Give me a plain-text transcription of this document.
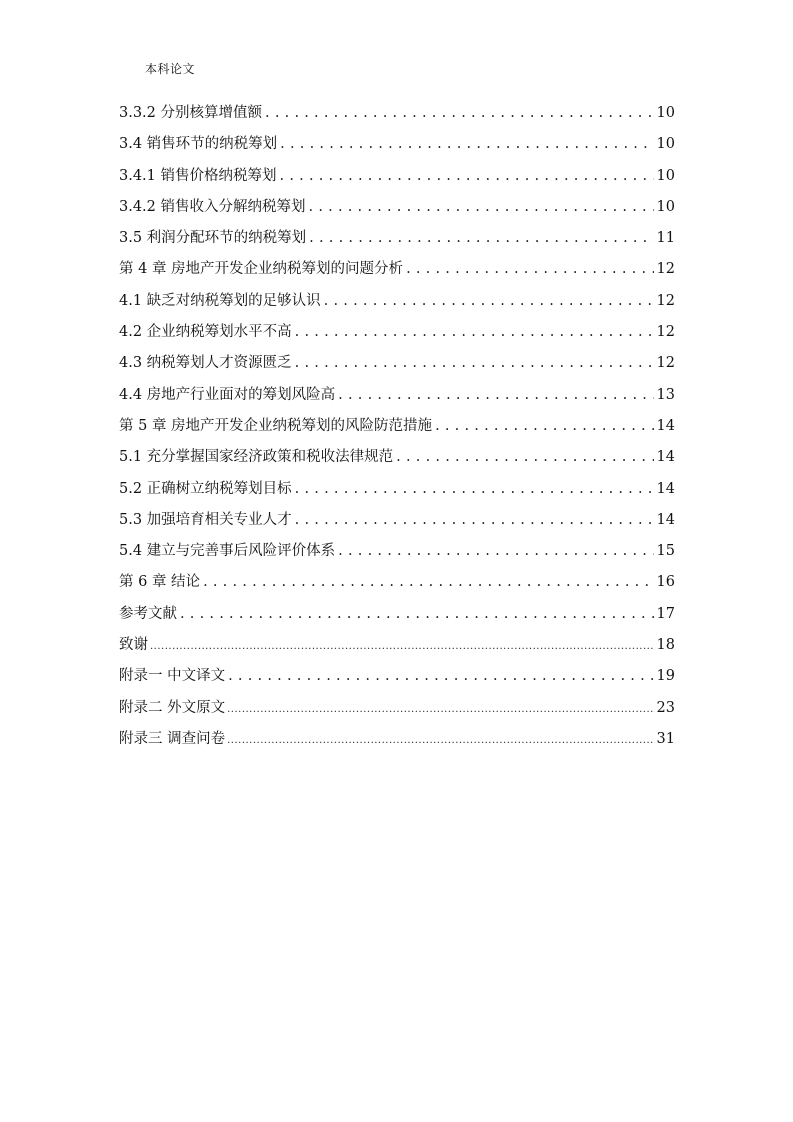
本科论文
3.3.2 分别核算增值额 .....	10
3.4 销售环节的纳税筹划 .....	10
3.4.1 销售价格纳税筹划 .....	10
3.4.2 销售收入分解纳税筹划 .....	10
3.5 利润分配环节的纳税筹划 .....	11
第 4 章 房地产开发企业纳税筹划的问题分析 .....	12
4.1 缺乏对纳税筹划的足够认识 .....	12
4.2 企业纳税筹划水平不高 .....	12
4.3 纳税筹划人才资源匮乏 .....	12
4.4 房地产行业面对的筹划风险高 .....	13
第 5 章 房地产开发企业纳税筹划的风险防范措施 .....	14
5.1 充分掌握国家经济政策和税收法律规范 .....	14
5.2 正确树立纳税筹划目标 .....	14
5.3 加强培育相关专业人才 .....	14
5.4 建立与完善事后风险评价体系 .....	15
第 6 章 结论 .....	16
参考文献 .....	17
致谢 .....	18
附录一 中文译文 .....	19
附录二 外文原文 .....	23
附录三 调查问卷 .....	31
